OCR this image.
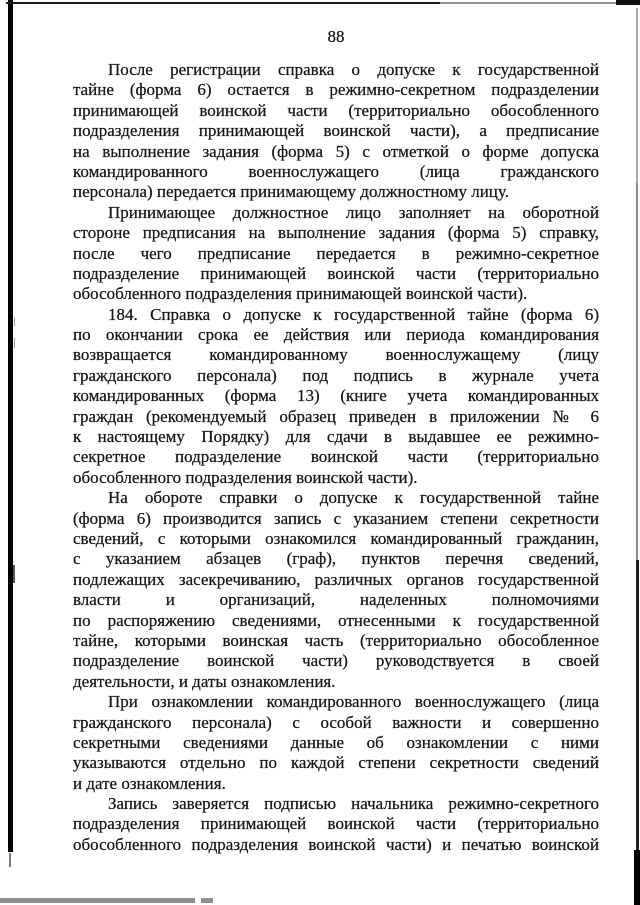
88
После регистрации справка о допуске к государственной
тайне (форма 6) остается в режимно-секретном подразделении
принимающей воинской части (территориально обособленного
подразделения принимающей воинской части), а предписание
на выполнение задания (форма 5) с отметкой о форме допуска
командированного военнослужащего (лица гражданского
персонала) передается принимающему должностному лицу.
Принимающее должностное лицо заполняет на оборотной
стороне предписания на выполнение задания (форма 5) справку,
после чего предписание передается в режимно-секретное
подразделение принимающей воинской части (территориально
обособленного подразделения принимающей воинской части).
184. Справка о допуске к государственной тайне (форма 6)
по окончании срока ее действия или периода командирования
возвращается командированному военнослужащему (лицу
гражданского персонала) под подпись в журнале учета
командированных (форма 13) (книге учета командированных
граждан (рекомендуемый образец приведен в приложении № 6
к настоящему Порядку) для сдачи в выдавшее ее режимно-
секретное подразделение воинской части (территориально
обособленного подразделения воинской части).
На обороте справки о допуске к государственной тайне
(форма 6) производится запись с указанием степени секретности
сведений, с которыми ознакомился командированный гражданин,
с указанием абзацев (граф), пунктов перечня сведений,
подлежащих засекречиванию, различных органов государственной
власти и организаций, наделенных полномочиями
по распоряжению сведениями, отнесенными к государственной
тайне, которыми воинская часть (территориально обособленное
подразделение воинской части) руководствуется в своей
деятельности, и даты ознакомления.
При ознакомлении командированного военнослужащего (лица
гражданского персонала) с особой важности и совершенно
секретными сведениями данные об ознакомлении с ними
указываются отдельно по каждой степени секретности сведений
и дате ознакомления.
Запись заверяется подписью начальника режимно-секретного
подразделения принимающей воинской части (территориально
обособленного подразделения воинской части) и печатью воинской
